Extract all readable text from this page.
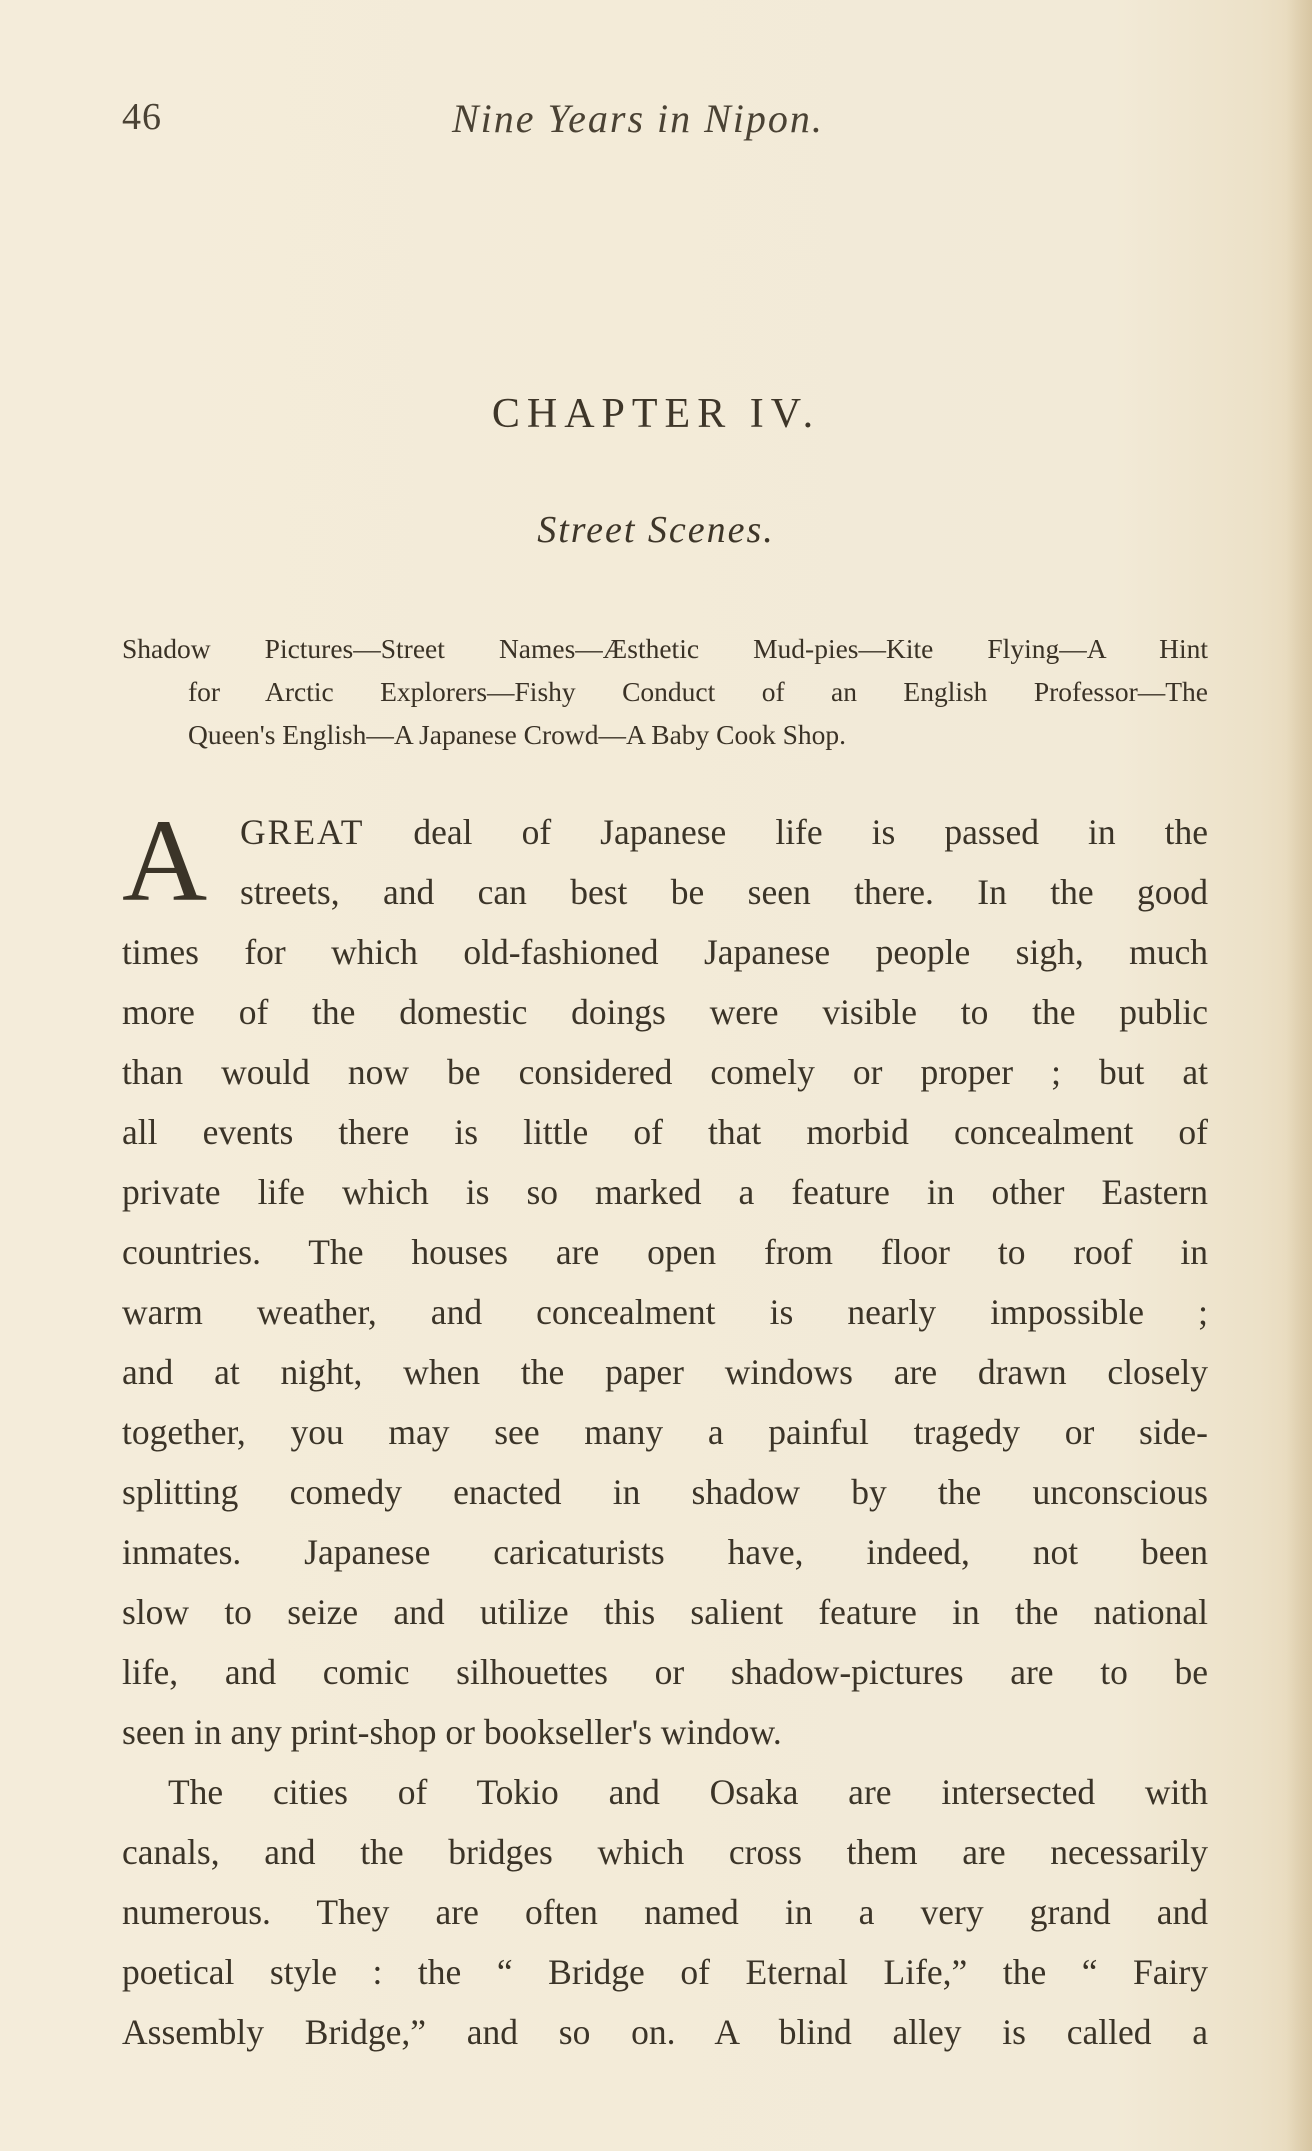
46	Nine Years in Nipon.
CHAPTER IV.
Street Scenes.
Shadow Pictures—Street Names—Æsthetic Mud-pies—Kite Flying—A Hint
for Arctic Explorers—Fishy Conduct of an English Professor—The
Queen's English—A Japanese Crowd—A Baby Cook Shop.
A GREAT deal of Japanese life is passed in the
streets, and can best be seen there. In the good
times for which old-fashioned Japanese people sigh, much
more of the domestic doings were visible to the public
than would now be considered comely or proper ; but at
all events there is little of that morbid concealment of
private life which is so marked a feature in other Eastern
countries. The houses are open from floor to roof in
warm weather, and concealment is nearly impossible ;
and at night, when the paper windows are drawn closely
together, you may see many a painful tragedy or side-
splitting comedy enacted in shadow by the unconscious
inmates. Japanese caricaturists have, indeed, not been
slow to seize and utilize this salient feature in the national
life, and comic silhouettes or shadow-pictures are to be
seen in any print-shop or bookseller's window.
The cities of Tokio and Osaka are intersected with
canals, and the bridges which cross them are necessarily
numerous. They are often named in a very grand and
poetical style : the “ Bridge of Eternal Life,” the “ Fairy
Assembly Bridge,” and so on. A blind alley is called a
